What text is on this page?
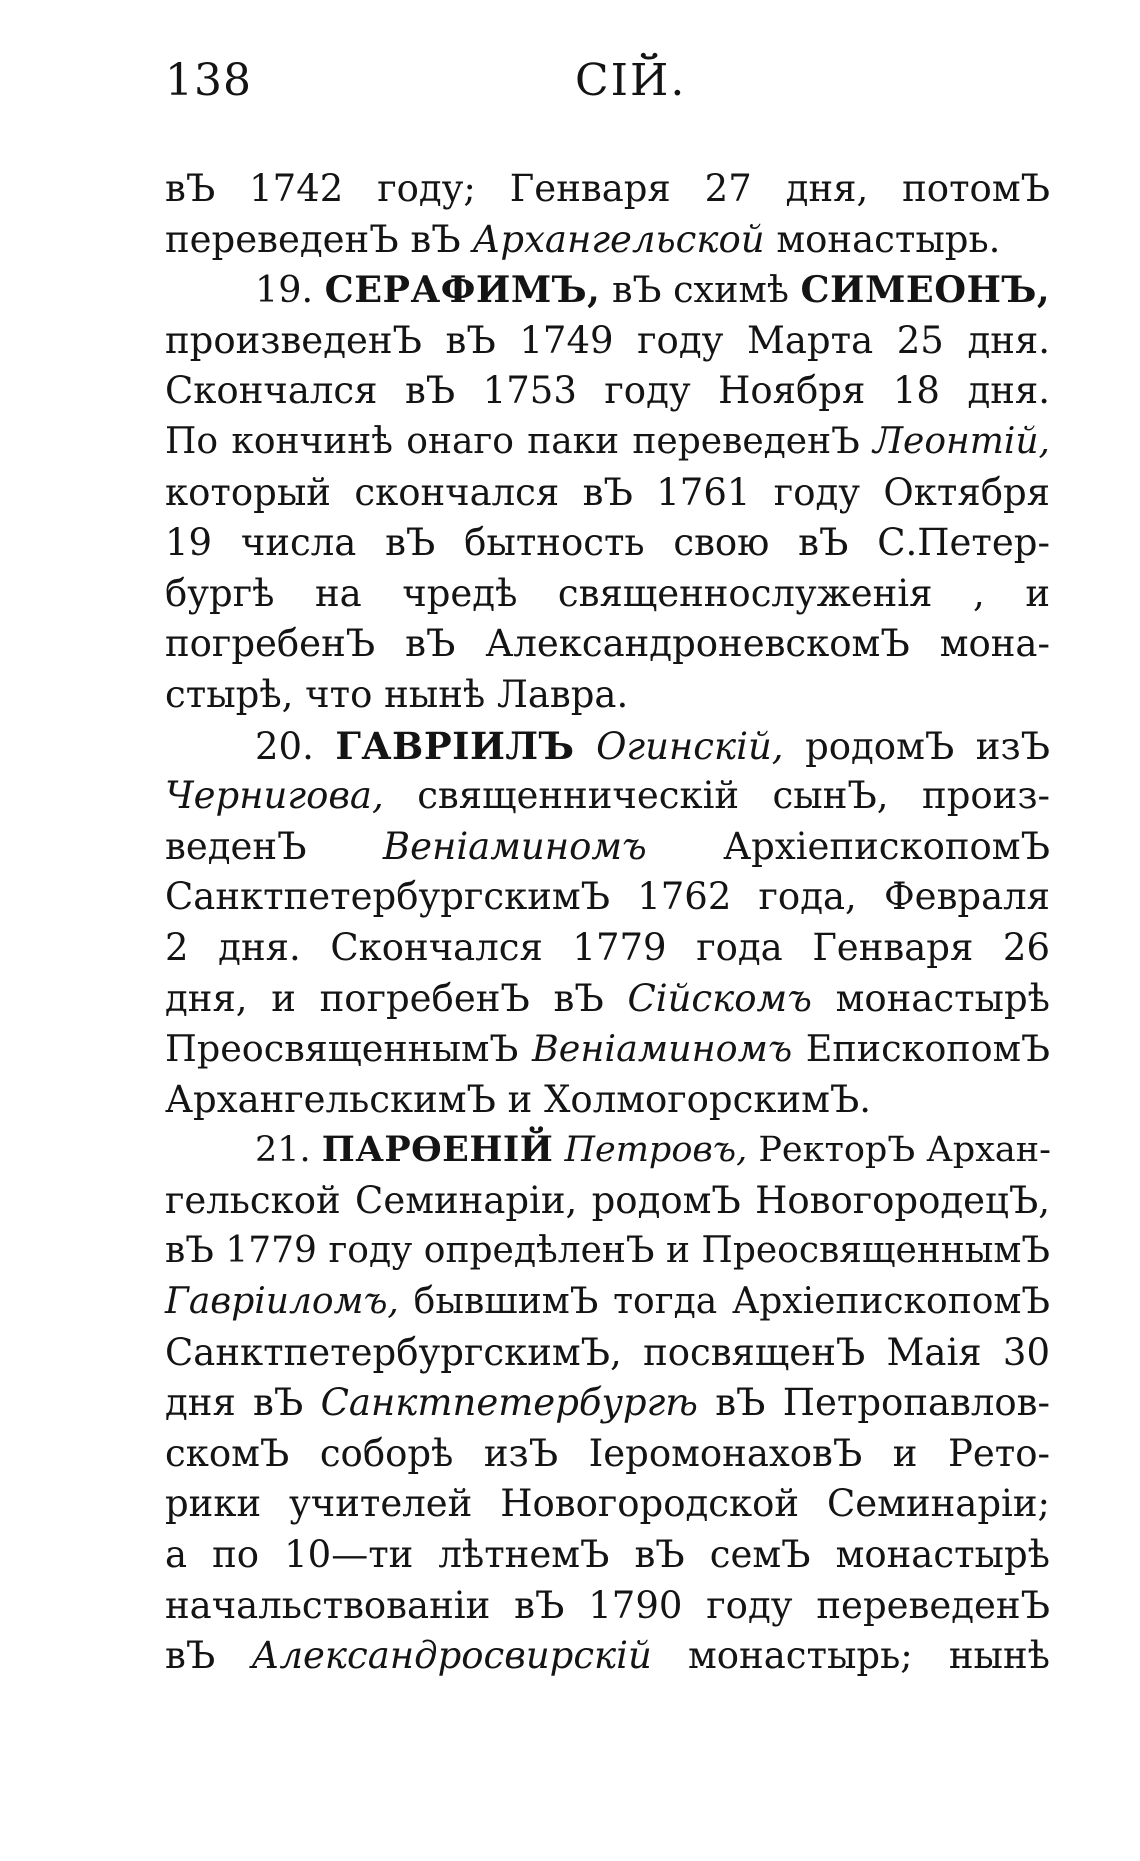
138	СІЙ.
вЪ 1742 году; Генваря 27 дня, потомЪ
переведенЪ вЪ Архангельской монастырь.
19. СЕРАФИМЪ, вЪ схимѣ СИМЕОНЪ,
произведенЪ вЪ 1749 году Марта 25 дня.
Скончался вЪ 1753 году Ноября 18 дня.
По кончинѣ онаго паки переведенЪ Леонтій,
который скончался вЪ 1761 году Октября
19 числа вЪ бытность свою вЪ С.Петер-
бургѣ на чредѣ священнослуженія , и
погребенЪ вЪ АлександроневскомЪ мона-
стырѣ, что нынѣ Лавра.
20. ГАВРІИЛЪ Огинскій, родомЪ изЪ
Чернигова, священническій сынЪ, произ-
веденЪ Веніаминомъ АрхіепископомЪ
СанктпетербургскимЪ 1762 года, Февраля
2 дня. Скончался 1779 года Генваря 26
дня, и погребенЪ вЪ Сійскомъ монастырѣ
ПреосвященнымЪ Веніаминомъ ЕпископомЪ
АрхангельскимЪ и ХолмогорскимЪ.
21. ПАРѲЕНІЙ Петровъ, РекторЪ Архан-
гельской Семинаріи, родомЪ НовогородецЪ,
вЪ 1779 году опредѣленЪ и ПреосвященнымЪ
Гавріиломъ, бывшимЪ тогда АрхіепископомЪ
СанктпетербургскимЪ, посвященЪ Маія 30
дня вЪ Санктпетербургѣ вЪ Петропавлов-
скомЪ соборѣ изЪ ІеромонаховЪ и Рето-
рики учителей Новогородской Семинаріи;
а по 10—ти лѣтнемЪ вЪ семЪ монастырѣ
начальствованіи вЪ 1790 году переведенЪ
вЪ Александросвирскій монастырь; нынѣ
